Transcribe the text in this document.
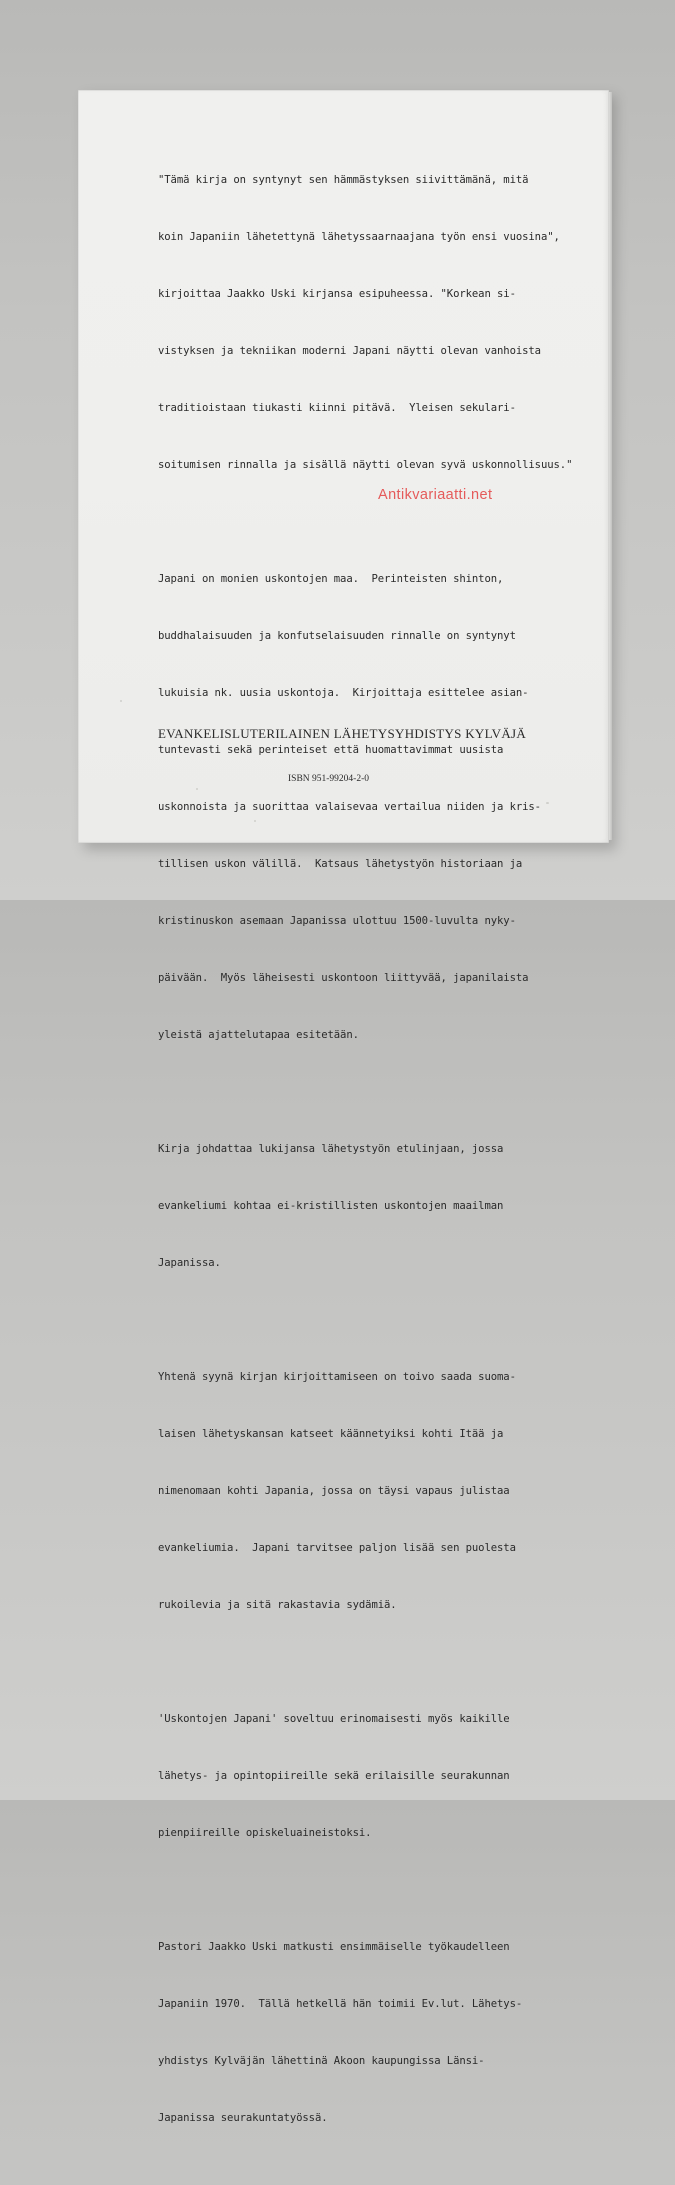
"Tämä kirja on syntynyt sen hämmästyksen siivittämänä, mitä

koin Japaniin lähetettynä lähetyssaarnaajana työn ensi vuosina",

kirjoittaa Jaakko Uski kirjansa esipuheessa. "Korkean si-

vistyksen ja tekniikan moderni Japani näytti olevan vanhoista

traditioistaan tiukasti kiinni pitävä.  Yleisen sekulari-

soitumisen rinnalla ja sisällä näytti olevan syvä uskonnollisuus."

Japani on monien uskontojen maa.  Perinteisten shinton,

buddhalaisuuden ja konfutselaisuuden rinnalle on syntynyt

lukuisia nk. uusia uskontoja.  Kirjoittaja esittelee asian-

tuntevasti sekä perinteiset että huomattavimmat uusista

uskonnoista ja suorittaa valaisevaa vertailua niiden ja kris-

tillisen uskon välillä.  Katsaus lähetystyön historiaan ja

kristinuskon asemaan Japanissa ulottuu 1500-luvulta nyky-

päivään.  Myös läheisesti uskontoon liittyvää, japanilaista

yleistä ajattelutapaa esitetään.

Kirja johdattaa lukijansa lähetystyön etulinjaan, jossa

evankeliumi kohtaa ei-kristillisten uskontojen maailman

Japanissa.

Yhtenä syynä kirjan kirjoittamiseen on toivo saada suoma-

laisen lähetyskansan katseet käännetyiksi kohti Itää ja

nimenomaan kohti Japania, jossa on täysi vapaus julistaa

evankeliumia.  Japani tarvitsee paljon lisää sen puolesta

rukoilevia ja sitä rakastavia sydämiä.

'Uskontojen Japani' soveltuu erinomaisesti myös kaikille

lähetys- ja opintopiireille sekä erilaisille seurakunnan

pienpiireille opiskeluaineistoksi.

Pastori Jaakko Uski matkusti ensimmäiselle työkaudelleen

Japaniin 1970.  Tällä hetkellä hän toimii Ev.lut. Lähetys-

yhdistys Kylväjän lähettinä Akoon kaupungissa Länsi-

Japanissa seurakuntatyössä.

EVANKELISLUTERILAINEN LÄHETYSYHDISTYS KYLVÄJÄ
ISBN 951-99204-2-0
Antikvariaatti.net
